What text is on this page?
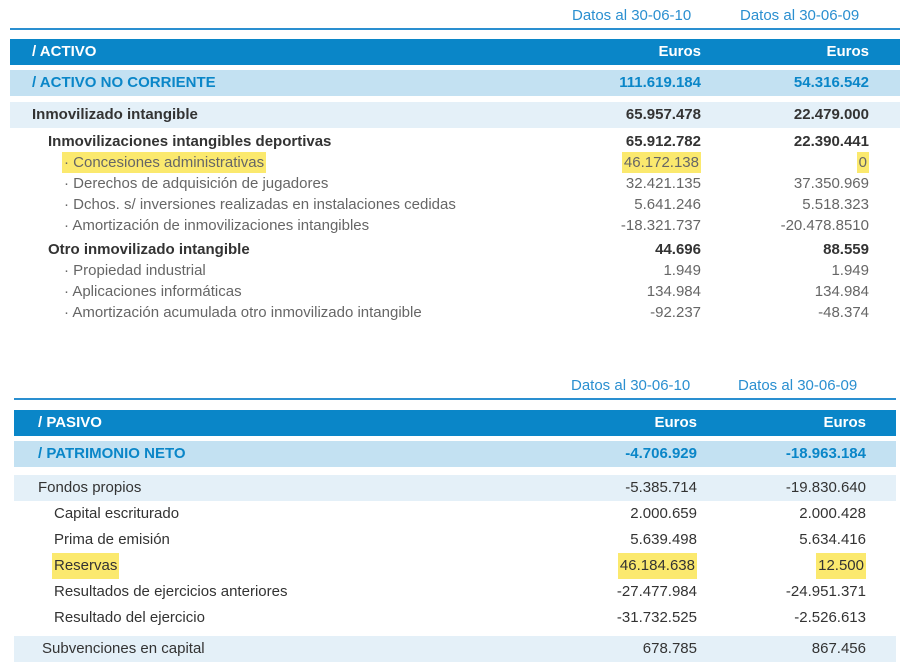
Datos al 30-06-10	Datos al 30-06-09
/ ACTIVO	Euros	Euros
/ ACTIVO NO CORRIENTE	111.619.184	54.316.542
Inmovilizado intangible	65.957.478	22.479.000
Inmovilizaciones intangibles deportivas	65.912.782	22.390.441
· Concesiones administrativas	46.172.138	0
· Derechos de adquisición de jugadores	32.421.135	37.350.969
· Dchos. s/ inversiones realizadas en instalaciones cedidas	5.641.246	5.518.323
· Amortización de inmovilizaciones intangibles	-18.321.737	-20.478.8510
Otro inmovilizado intangible	44.696	88.559
· Propiedad industrial	1.949	1.949
· Aplicaciones informáticas	134.984	134.984
· Amortización acumulada otro inmovilizado intangible	-92.237	-48.374
Datos al 30-06-10	Datos al 30-06-09
/ PASIVO	Euros	Euros
/ PATRIMONIO NETO	-4.706.929	-18.963.184
Fondos propios	-5.385.714	-19.830.640
Capital escriturado	2.000.659	2.000.428
Prima de emisión	5.639.498	5.634.416
Reservas	46.184.638	12.500
Resultados de ejercicios anteriores	-27.477.984	-24.951.371
Resultado del ejercicio	-31.732.525	-2.526.613
Subvenciones en capital	678.785	867.456
